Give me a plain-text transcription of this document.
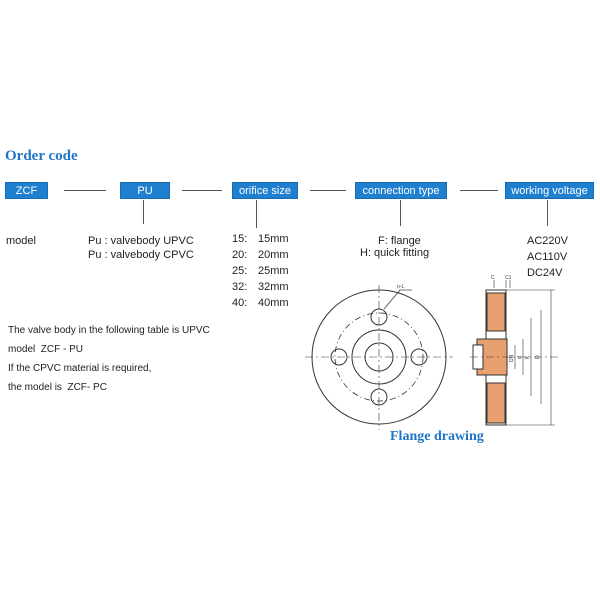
Order code
ZCF	PU	orifice size	connection type	working voltage
model	Pu : valvebody UPVC
Pu : valvebody CPVC
15: 15mm
20: 20mm
25: 25mm
32: 32mm
40: 40mm
F: flange
H: quick fitting
AC220V
AC110V
DC24V
The valve body in the following table is UPVC
model  ZCF - PU
If the CPVC material is required,
the model is  ZCF- PC
n-L
C C1
DN d K D
Flange drawing
